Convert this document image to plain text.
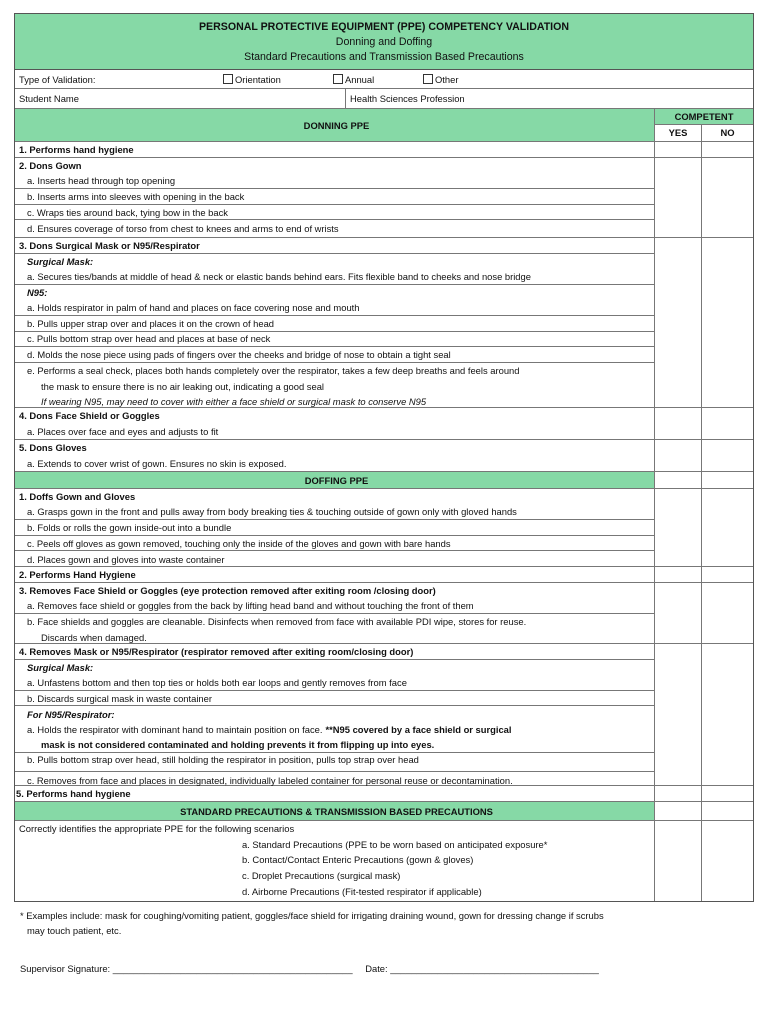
PERSONAL PROTECTIVE EQUIPMENT (PPE) COMPETENCY VALIDATION
Donning and Doffing
Standard Precautions and Transmission Based Precautions
Type of Validation:	Orientation	Annual	Other
Student Name	Health Sciences Profession
DONNING PPE
COMPETENT
YES	NO
1. Performs hand hygiene
2. Dons Gown
a. Inserts head through top opening
b. Inserts arms into sleeves with opening in the back
c. Wraps ties around back, tying bow in the back
d. Ensures coverage of torso from chest to knees and arms to end of wrists
3. Dons Surgical Mask or N95/Respirator
Surgical Mask:
a. Secures ties/bands at middle of head & neck or elastic bands behind ears. Fits flexible band to cheeks and nose bridge
N95:
a. Holds respirator in palm of hand and places on face covering nose and mouth
b. Pulls upper strap over and places it on the crown of head
c. Pulls bottom strap over head and places at base of neck
d. Molds the nose piece using pads of fingers over the cheeks and bridge of nose to obtain a tight seal
e. Performs a seal check, places both hands completely over the respirator, takes a few deep breaths and feels around
the mask to ensure there is no air leaking out, indicating a good seal
If wearing N95, may need to cover with either a face shield or surgical mask to conserve N95
4. Dons Face Shield or Goggles
a. Places over face and eyes and adjusts to fit
5. Dons Gloves
a. Extends to cover wrist of gown. Ensures no skin is exposed.
DOFFING PPE
1. Doffs Gown and Gloves
a. Grasps gown in the front and pulls away from body breaking ties & touching outside of gown only with gloved hands
b. Folds or rolls the gown inside-out into a bundle
c. Peels off gloves as gown removed, touching only the inside of the gloves and gown with bare hands
d. Places gown and gloves into waste container
2. Performs Hand Hygiene
3. Removes Face Shield or Goggles (eye protection removed after exiting room /closing door)
a. Removes face shield or goggles from the back by lifting head band and without touching the front of them
b. Face shields and goggles are cleanable. Disinfects when removed from face with available PDI wipe, stores for reuse.
Discards when damaged.
4. Removes Mask or N95/Respirator (respirator removed after exiting room/closing door)
Surgical Mask:
a. Unfastens bottom and then top ties or holds both ear loops and gently removes from face
b. Discards surgical mask in waste container
For N95/Respirator:
a. Holds the respirator with dominant hand to maintain position on face. **N95 covered by a face shield or surgical
mask is not considered contaminated and holding prevents it from flipping up into eyes.
b. Pulls bottom strap over head, still holding the respirator in position, pulls top strap over head
c. Removes from face and places in designated, individually labeled container for personal reuse or decontamination.
5. Performs hand hygiene
STANDARD PRECAUTIONS & TRANSMISSION BASED PRECAUTIONS
Correctly identifies the appropriate PPE for the following scenarios
a. Standard Precautions (PPE to be worn based on anticipated exposure*
b. Contact/Contact Enteric Precautions (gown & gloves)
c. Droplet Precautions (surgical mask)
d. Airborne Precautions (Fit-tested respirator if applicable)
* Examples include: mask for coughing/vomiting patient, goggles/face shield for irrigating draining wound, gown for dressing change if scrubs
may touch patient, etc.
Supervisor Signature: ______________________________________________ Date: ________________________________________
